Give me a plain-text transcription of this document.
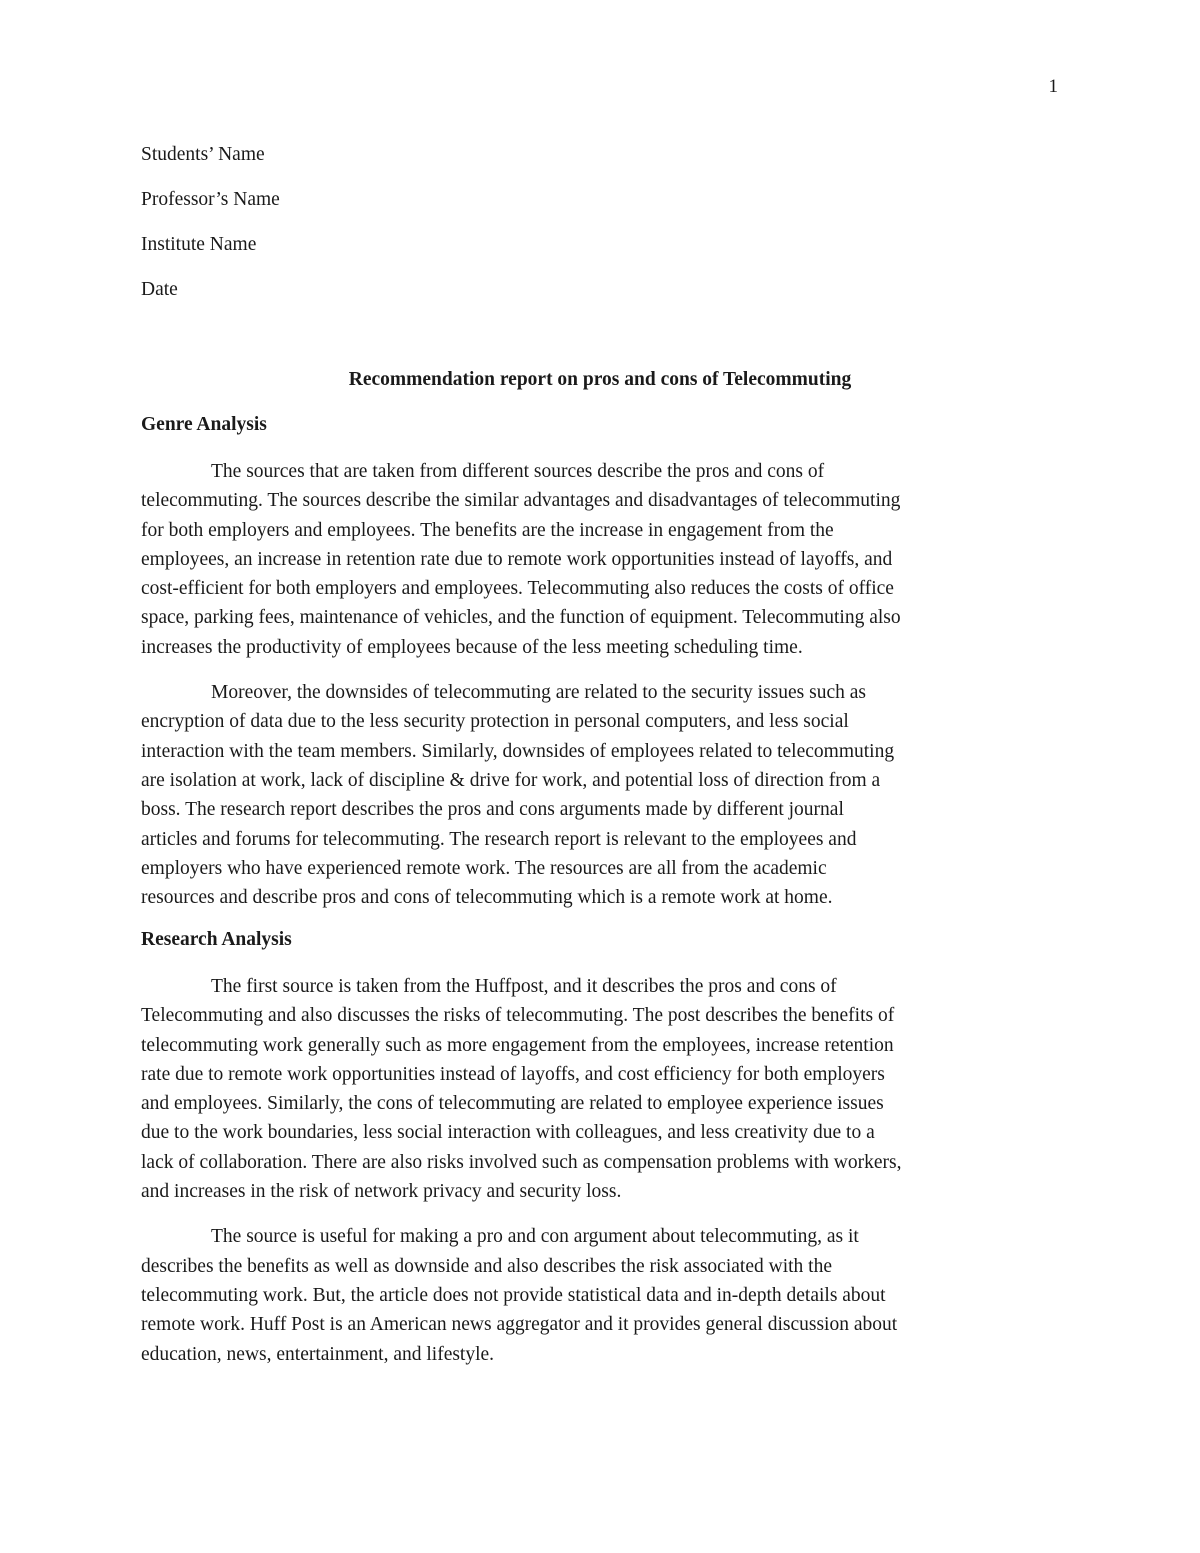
1
Students’ Name
Professor’s Name
Institute Name
Date
Recommendation report on pros and cons of Telecommuting
Genre Analysis
The sources that are taken from different sources describe the pros and cons of
telecommuting. The sources describe the similar advantages and disadvantages of telecommuting
for both employers and employees. The benefits are the increase in engagement from the
employees, an increase in retention rate due to remote work opportunities instead of layoffs, and
cost-efficient for both employers and employees. Telecommuting also reduces the costs of office
space, parking fees, maintenance of vehicles, and the function of equipment. Telecommuting also
increases the productivity of employees because of the less meeting scheduling time.
Moreover, the downsides of telecommuting are related to the security issues such as
encryption of data due to the less security protection in personal computers, and less social
interaction with the team members. Similarly, downsides of employees related to telecommuting
are isolation at work, lack of discipline & drive for work, and potential loss of direction from a
boss. The research report describes the pros and cons arguments made by different journal
articles and forums for telecommuting. The research report is relevant to the employees and
employers who have experienced remote work. The resources are all from the academic
resources and describe pros and cons of telecommuting which is a remote work at home.
Research Analysis
The first source is taken from the Huffpost, and it describes the pros and cons of
Telecommuting and also discusses the risks of telecommuting. The post describes the benefits of
telecommuting work generally such as more engagement from the employees, increase retention
rate due to remote work opportunities instead of layoffs, and cost efficiency for both employers
and employees. Similarly, the cons of telecommuting are related to employee experience issues
due to the work boundaries, less social interaction with colleagues, and less creativity due to a
lack of collaboration. There are also risks involved such as compensation problems with workers,
and increases in the risk of network privacy and security loss.
The source is useful for making a pro and con argument about telecommuting, as it
describes the benefits as well as downside and also describes the risk associated with the
telecommuting work. But, the article does not provide statistical data and in-depth details about
remote work. Huff Post is an American news aggregator and it provides general discussion about
education, news, entertainment, and lifestyle.
